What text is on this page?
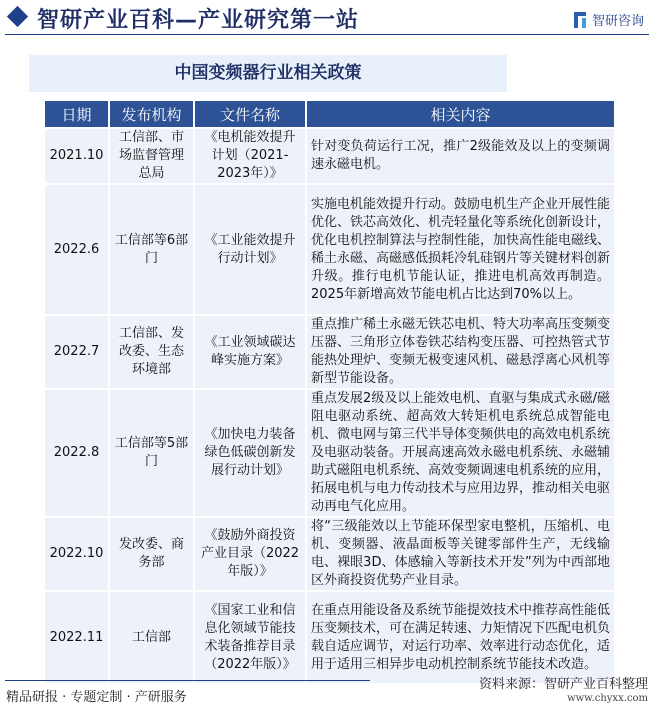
智研产业百科—产业研究第一站	智研咨询
中国变频器行业相关政策
日期	发布机构	文件名称	相关内容
2021.10	工信部、市场监督管理总局	《电机能效提升计划（2021-2023年）》	针对变负荷运行工况，推广2级能效及以上的变频调速永磁电机。
2022.6	工信部等6部门	《工业能效提升行动计划》	实施电机能效提升行动。鼓励电机生产企业开展性能优化、铁芯高效化、机壳轻量化等系统化创新设计，优化电机控制算法与控制性能，加快高性能电磁线、稀土永磁、高磁感低损耗冷轧硅钢片等关键材料创新升级。推行电机节能认证，推进电机高效再制造。2025年新增高效节能电机占比达到70%以上。
2022.7	工信部、发改委、生态环境部	《工业领域碳达峰实施方案》	重点推广稀土永磁无铁芯电机、特大功率高压变频变压器、三角形立体卷铁芯结构变压器、可控热管式节能热处理炉、变频无极变速风机、磁悬浮离心风机等新型节能设备。
2022.8	工信部等5部门	《加快电力装备绿色低碳创新发展行动计划》	重点发展2级及以上能效电机、直驱与集成式永磁/磁阻电驱动系统、超高效大转矩机电系统总成智能电机、微电网与第三代半导体变频供电的高效电机系统及电驱动装备。开展高速高效永磁电机系统、永磁辅助式磁阻电机系统、高效变频调速电机系统的应用，拓展电机与电力传动技术与应用边界，推动相关电驱动再电气化应用。
2022.10	发改委、商务部	《鼓励外商投资产业目录（2022年版）》	将“三级能效以上节能环保型家电整机，压缩机、电机、变频器、液晶面板等关键零部件生产，无线输电、裸眼3D、体感输入等新技术开发”列为中西部地区外商投资优势产业目录。
2022.11	工信部	《国家工业和信息化领域节能技术装备推荐目录（2022年版）》	在重点用能设备及系统节能提效技术中推荐高性能低压变频技术，可在满足转速、力矩情况下匹配电机负载自适应调节，对运行功率、效率进行动态优化，适用于适用三相异步电动机控制系统节能技术改造。
精品研报 · 专题定制 · 产研服务
资料来源：智研产业百科整理
www.chyxx.com
